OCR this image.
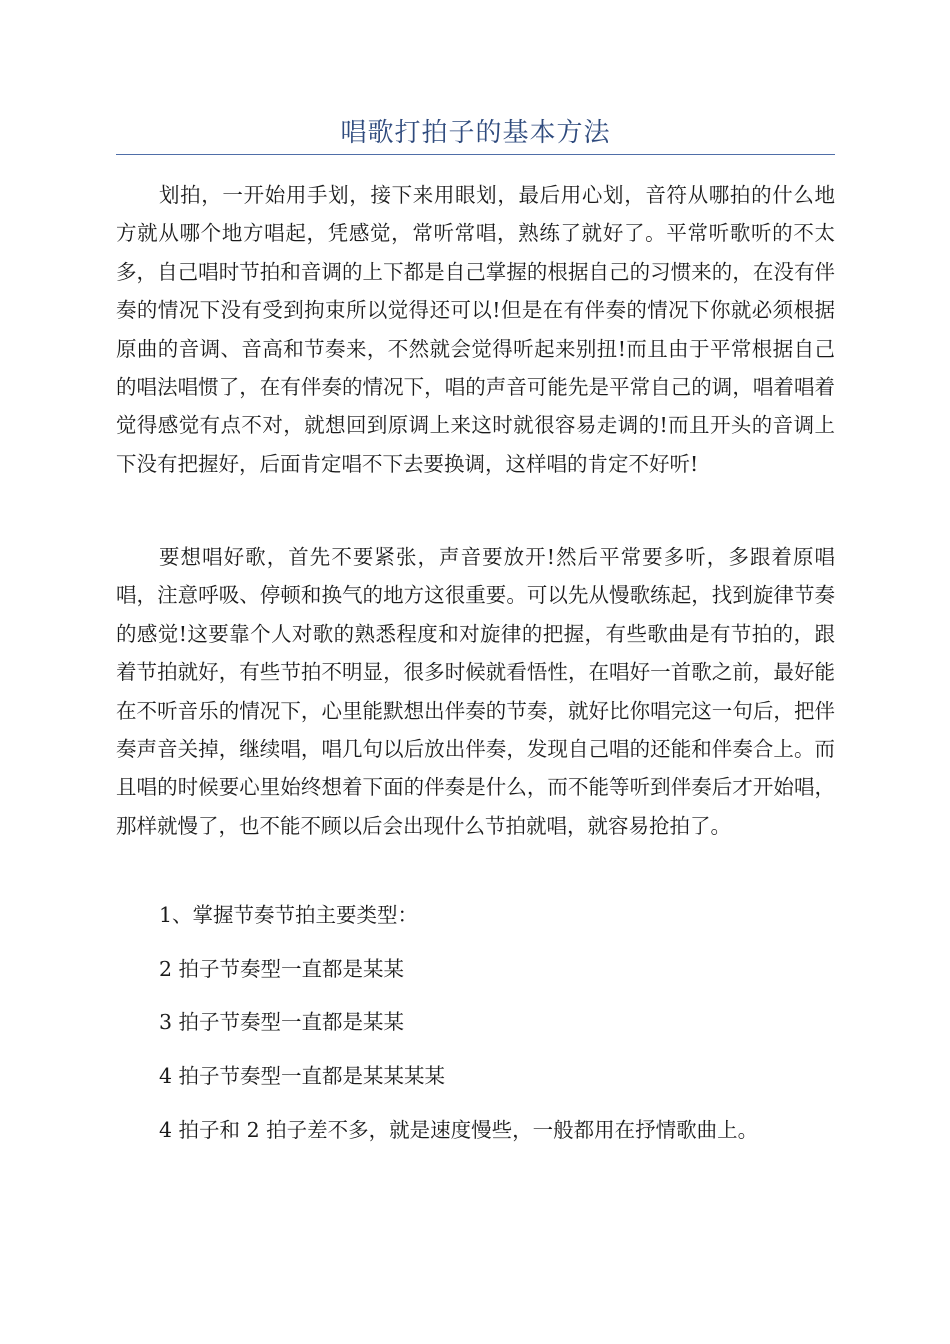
唱歌打拍子的基本方法

划拍，一开始用手划，接下来用眼划，最后用心划，音符从哪拍的什么地方就从哪个地方唱起，凭感觉，常听常唱，熟练了就好了。平常听歌听的不太多，自己唱时节拍和音调的上下都是自己掌握的根据自己的习惯来的，在没有伴奏的情况下没有受到拘束所以觉得还可以!但是在有伴奏的情况下你就必须根据原曲的音调、音高和节奏来，不然就会觉得听起来别扭!而且由于平常根据自己的唱法唱惯了，在有伴奏的情况下，唱的声音可能先是平常自己的调，唱着唱着觉得感觉有点不对，就想回到原调上来这时就很容易走调的!而且开头的音调上下没有把握好，后面肯定唱不下去要换调，这样唱的肯定不好听!

要想唱好歌，首先不要紧张，声音要放开!然后平常要多听，多跟着原唱唱，注意呼吸、停顿和换气的地方这很重要。可以先从慢歌练起，找到旋律节奏的感觉!这要靠个人对歌的熟悉程度和对旋律的把握，有些歌曲是有节拍的，跟着节拍就好，有些节拍不明显，很多时候就看悟性，在唱好一首歌之前，最好能在不听音乐的情况下，心里能默想出伴奏的节奏，就好比你唱完这一句后，把伴奏声音关掉，继续唱，唱几句以后放出伴奏，发现自己唱的还能和伴奏合上。而且唱的时候要心里始终想着下面的伴奏是什么，而不能等听到伴奏后才开始唱，那样就慢了，也不能不顾以后会出现什么节拍就唱，就容易抢拍了。

1、掌握节奏节拍主要类型：

2 拍子节奏型一直都是某某

3 拍子节奏型一直都是某某

4 拍子节奏型一直都是某某某某

4 拍子和 2 拍子差不多，就是速度慢些，一般都用在抒情歌曲上。
